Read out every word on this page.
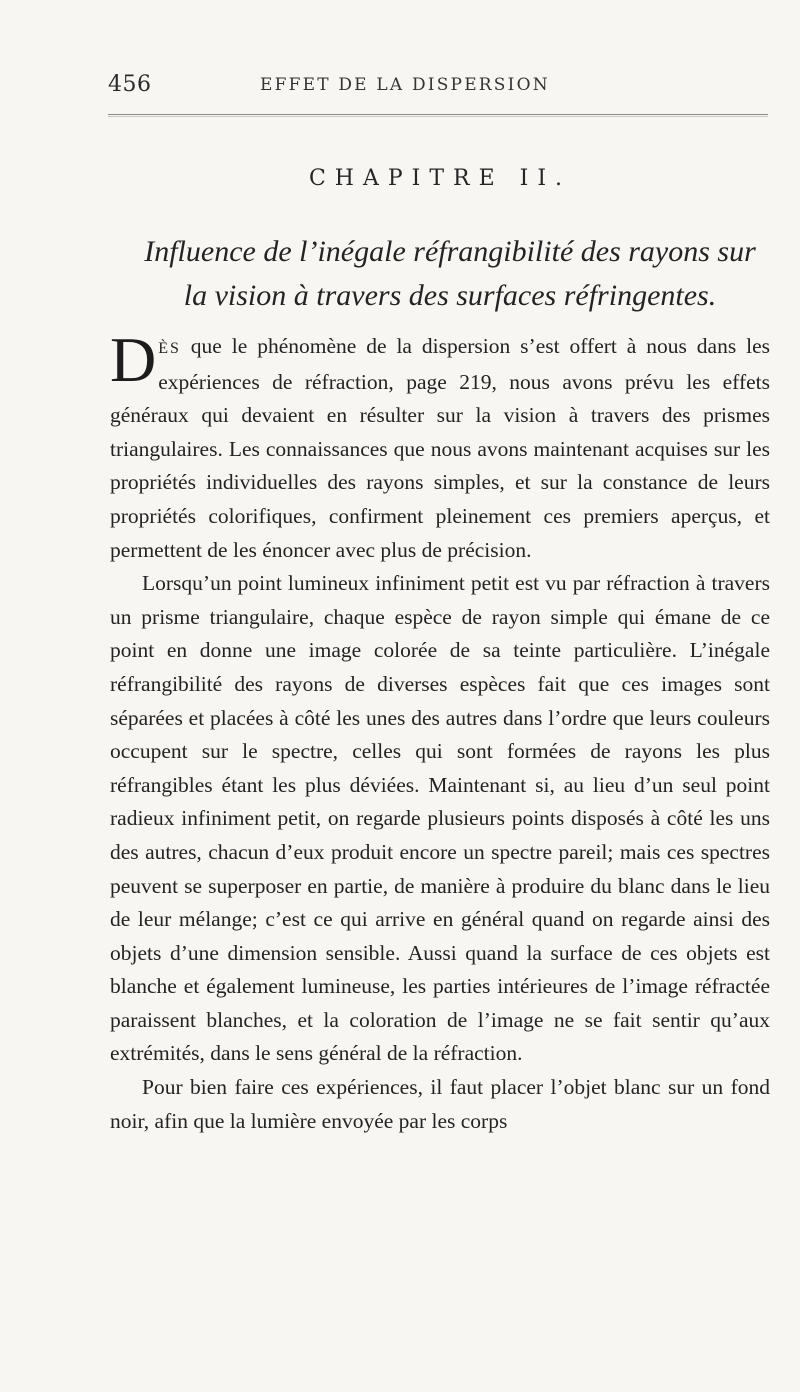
456	EFFET DE LA DISPERSION
CHAPITRE II.
Influence de l’inégale réfrangibilité des rayons sur la vision à travers des surfaces réfringentes.

DÈS que le phénomène de la dispersion s’est offert à nous dans les expériences de réfraction, page 219, nous avons prévu les effets généraux qui devaient en résulter sur la vision à travers des prismes triangulaires. Les connaissances que nous avons maintenant acquises sur les propriétés individuelles des rayons simples, et sur la constance de leurs propriétés colorifiques, confirment pleinement ces premiers aperçus, et permettent de les énoncer avec plus de précision.

Lorsqu’un point lumineux infiniment petit est vu par réfraction à travers un prisme triangulaire, chaque espèce de rayon simple qui émane de ce point en donne une image colorée de sa teinte particulière. L’inégale réfrangibilité des rayons de diverses espèces fait que ces images sont séparées et placées à côté les unes des autres dans l’ordre que leurs couleurs occupent sur le spectre, celles qui sont formées de rayons les plus réfrangibles étant les plus déviées. Maintenant si, au lieu d’un seul point radieux infiniment petit, on regarde plusieurs points disposés à côté les uns des autres, chacun d’eux produit encore un spectre pareil; mais ces spectres peuvent se superposer en partie, de manière à produire du blanc dans le lieu de leur mélange; c’est ce qui arrive en général quand on regarde ainsi des objets d’une dimension sensible. Aussi quand la surface de ces objets est blanche et également lumineuse, les parties intérieures de l’image réfractée paraissent blanches, et la coloration de l’image ne se fait sentir qu’aux extrémités, dans le sens général de la réfraction.

Pour bien faire ces expériences, il faut placer l’objet blanc sur un fond noir, afin que la lumière envoyée par les corps
